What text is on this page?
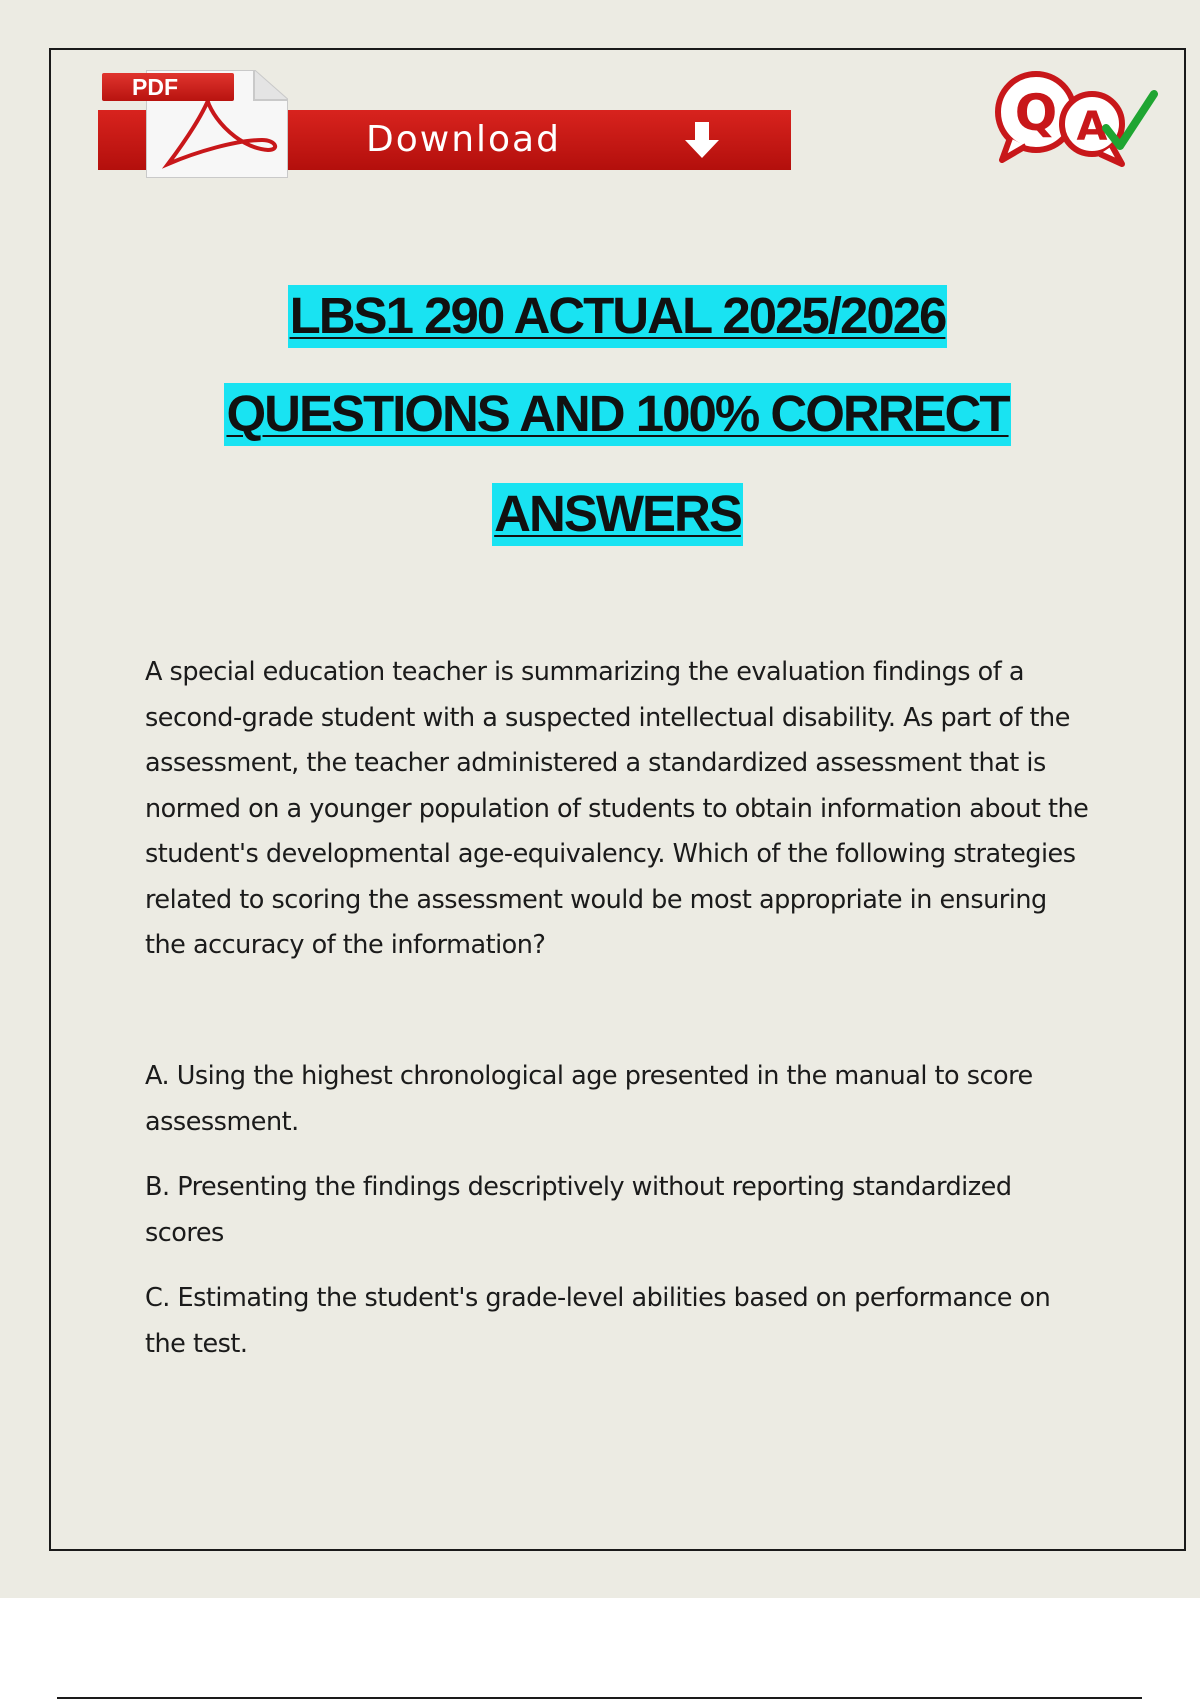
PDF
Download	Q A
LBS1 290 ACTUAL 2025/2026
QUESTIONS AND 100% CORRECT
ANSWERS
A special education teacher is summarizing the evaluation findings of a second-grade student with a suspected intellectual disability. As part of the assessment, the teacher administered a standardized assessment that is normed on a younger population of students to obtain information about the student's developmental age-equivalency. Which of the following strategies related to scoring the assessment would be most appropriate in ensuring the accuracy of the information?
A. Using the highest chronological age presented in the manual to score assessment.
B. Presenting the findings descriptively without reporting standardized scores
C. Estimating the student's grade-level abilities based on performance on the test.
